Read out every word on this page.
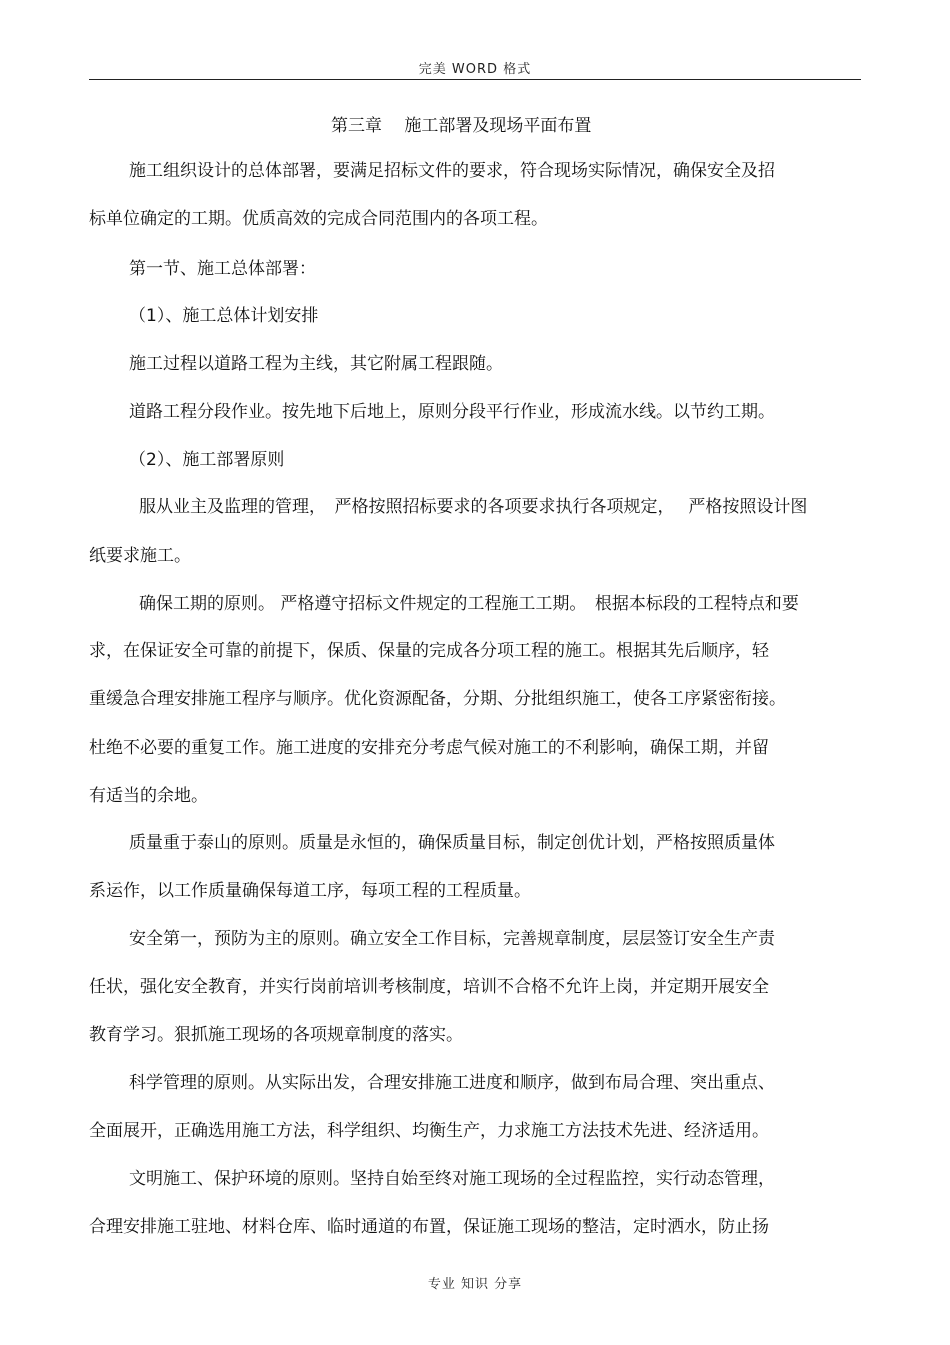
完美 WORD 格式
第三章　 施工部署及现场平面布置
施工组织设计的总体部署，要满足招标文件的要求，符合现场实际情况，确保安全及招
标单位确定的工期。优质高效的完成合同范围内的各项工程。
第一节、施工总体部署：
（1）、施工总体计划安排
施工过程以道路工程为主线，其它附属工程跟随。
道路工程分段作业。按先地下后地上，原则分段平行作业，形成流水线。以节约工期。
（2）、施工部署原则
服从业主及监理的管理，　严格按照招标要求的各项要求执行各项规定，　 严格按照设计图
纸要求施工。
确保工期的原则。 严格遵守招标文件规定的工程施工工期。　根据本标段的工程特点和要
求，在保证安全可靠的前提下，保质、保量的完成各分项工程的施工。根据其先后顺序，轻
重缓急合理安排施工程序与顺序。优化资源配备，分期、分批组织施工，使各工序紧密衔接。
杜绝不必要的重复工作。施工进度的安排充分考虑气候对施工的不利影响，确保工期，并留
有适当的余地。
质量重于泰山的原则。质量是永恒的，确保质量目标，制定创优计划，严格按照质量体
系运作，以工作质量确保每道工序，每项工程的工程质量。
安全第一，预防为主的原则。确立安全工作目标，完善规章制度，层层签订安全生产责
任状，强化安全教育，并实行岗前培训考核制度，培训不合格不允许上岗，并定期开展安全
教育学习。狠抓施工现场的各项规章制度的落实。
科学管理的原则。从实际出发，合理安排施工进度和顺序，做到布局合理、突出重点、
全面展开，正确选用施工方法，科学组织、均衡生产，力求施工方法技术先进、经济适用。
文明施工、保护环境的原则。坚持自始至终对施工现场的全过程监控，实行动态管理，
合理安排施工驻地、材料仓库、临时通道的布置，保证施工现场的整洁，定时洒水，防止扬
专业 知识 分享
